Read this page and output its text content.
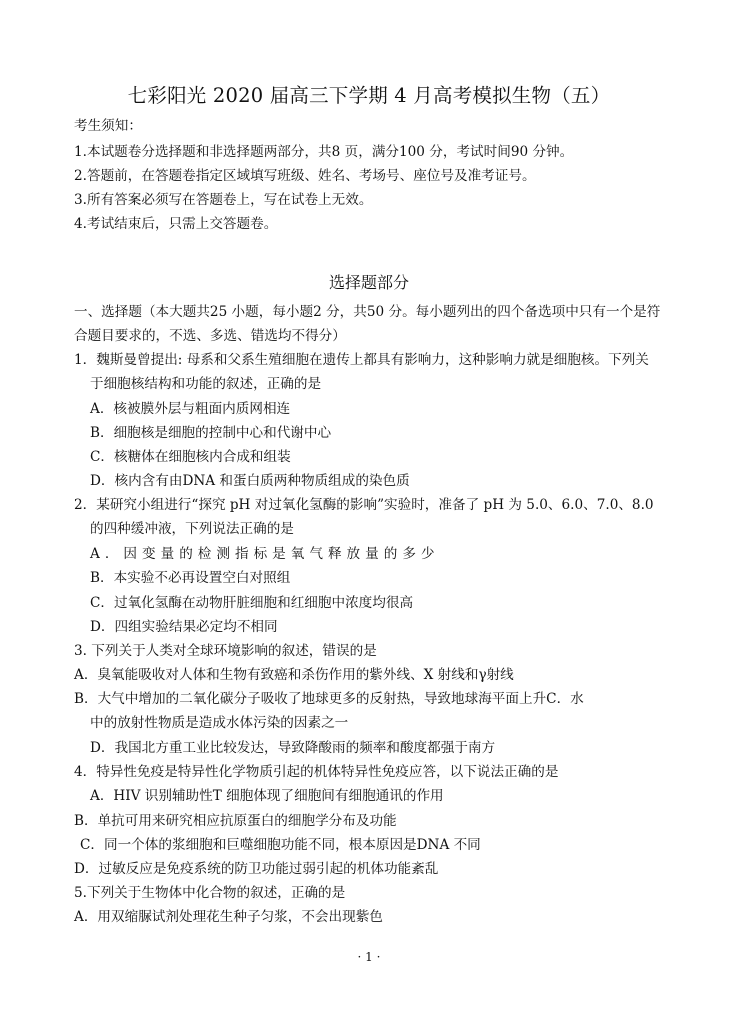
七彩阳光 2020 届高三下学期 4 月高考模拟生物（五）
考生须知：
1.本试题卷分选择题和非选择题两部分，共8 页，满分100 分，考试时间90 分钟。
2.答题前，在答题卷指定区域填写班级、姓名、考场号、座位号及准考证号。
3.所有答案必须写在答题卷上，写在试卷上无效。
4.考试结束后，只需上交答题卷。
选择题部分
一、选择题（本大题共25 小题，每小题2 分，共50 分。每小题列出的四个备选项中只有一个是符
合题目要求的，不选、多选、错选均不得分）
1．魏斯曼曾提出: 母系和父系生殖细胞在遗传上都具有影响力，这种影响力就是细胞核。下列关
于细胞核结构和功能的叙述，正确的是
A．核被膜外层与粗面内质网相连
B．细胞核是细胞的控制中心和代谢中心
C．核糖体在细胞核内合成和组装
D．核内含有由DNA 和蛋白质两种物质组成的染色质
2．某研究小组进行“探究 pH 对过氧化氢酶的影响”实验时，准备了 pH 为 5.0、6.0、7.0、8.0
的四种缓冲液，下列说法正确的是
A．因变量的检测指标是氧气释放量的多少
B．本实验不必再设置空白对照组
C．过氧化氢酶在动物肝脏细胞和红细胞中浓度均很高
D．四组实验结果必定均不相同
3. 下列关于人类对全球环境影响的叙述，错误的是
A．臭氧能吸收对人体和生物有致癌和杀伤作用的紫外线、X 射线和γ射线
B．大气中增加的二氧化碳分子吸收了地球更多的反射热，导致地球海平面上升C．水
中的放射性物质是造成水体污染的因素之一
D．我国北方重工业比较发达，导致降酸雨的频率和酸度都强于南方
4．特异性免疫是特异性化学物质引起的机体特异性免疫应答，以下说法正确的是
A．HIV 识别辅助性T 细胞体现了细胞间有细胞通讯的作用
B．单抗可用来研究相应抗原蛋白的细胞学分布及功能
C．同一个体的浆细胞和巨噬细胞功能不同，根本原因是DNA 不同
D．过敏反应是免疫系统的防卫功能过弱引起的机体功能紊乱
5.下列关于生物体中化合物的叙述，正确的是
A．用双缩脲试剂处理花生种子匀浆，不会出现紫色
· 1 ·
